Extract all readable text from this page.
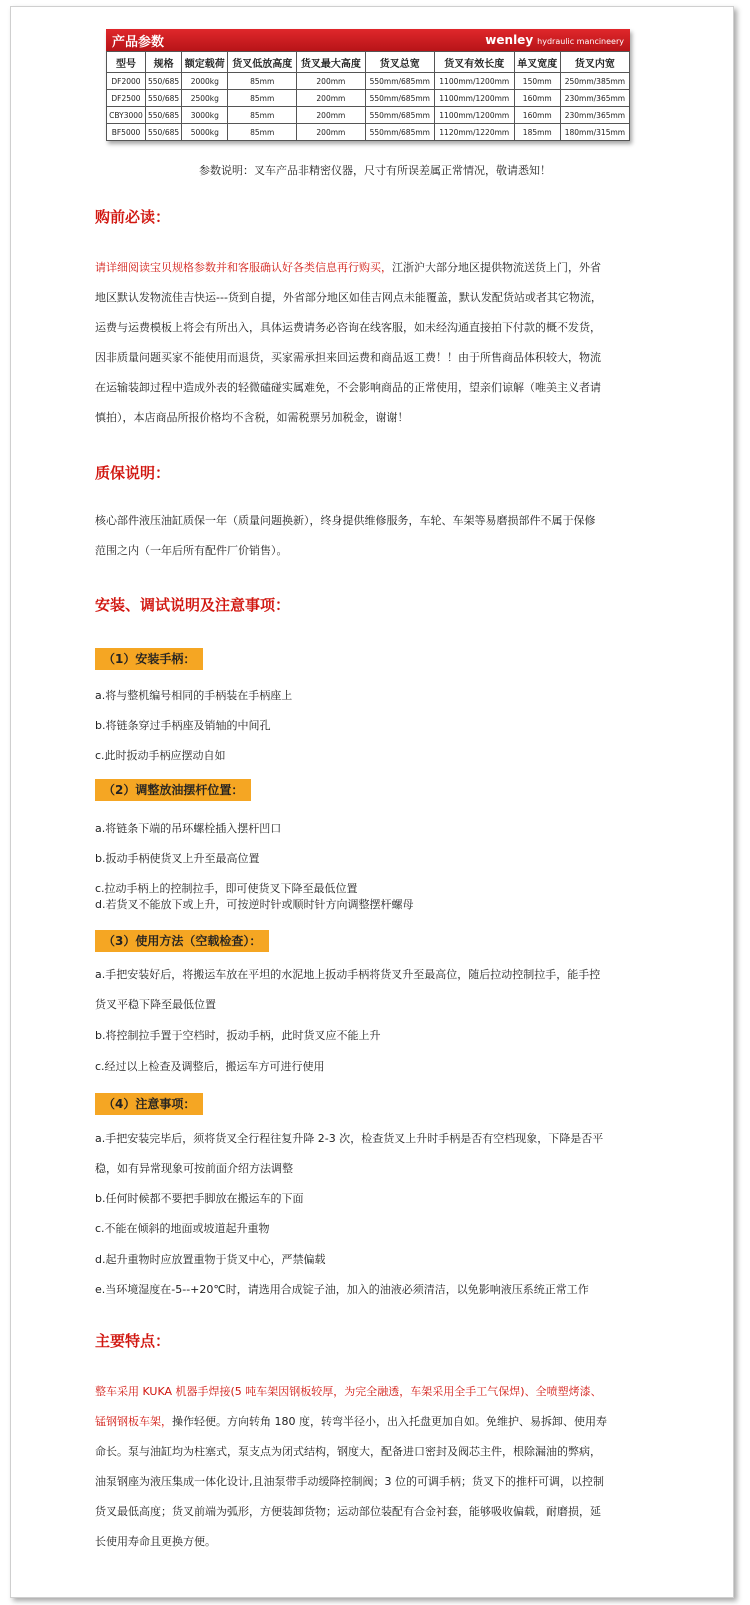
产品参数	wenley hydraulic mancineery
型号	规格	额定载荷	货叉低放高度	货叉最大高度	货叉总宽	货叉有效长度	单叉宽度	货叉内宽
DF2000	550/685	2000kg	85mm	200mm	550mm/685mm	1100mm/1200mm	150mm	250mm/385mm
DF2500	550/685	2500kg	85mm	200mm	550mm/685mm	1100mm/1200mm	160mm	230mm/365mm
CBY3000	550/685	3000kg	85mm	200mm	550mm/685mm	1100mm/1200mm	160mm	230mm/365mm
BF5000	550/685	5000kg	85mm	200mm	550mm/685mm	1120mm/1220mm	185mm	180mm/315mm
参数说明：叉车产品非精密仪器，尺寸有所误差属正常情况，敬请悉知！
购前必读：
请详细阅读宝贝规格参数并和客服确认好各类信息再行购买，江浙沪大部分地区提供物流送货上门，外省
地区默认发物流佳吉快运---货到自提，外省部分地区如佳吉网点未能覆盖，默认发配货站或者其它物流，
运费与运费模板上将会有所出入，具体运费请务必咨询在线客服，如未经沟通直接拍下付款的概不发货，
因非质量问题买家不能使用而退货，买家需承担来回运费和商品返工费！！由于所售商品体积较大，物流
在运输装卸过程中造成外表的轻微磕碰实属难免，不会影响商品的正常使用，望亲们谅解（唯美主义者请
慎拍），本店商品所报价格均不含税，如需税票另加税金，谢谢！
质保说明：
核心部件液压油缸质保一年（质量问题换新），终身提供维修服务，车轮、车架等易磨损部件不属于保修
范围之内（一年后所有配件厂价销售）。
安装、调试说明及注意事项：
（1）安装手柄：
a.将与整机编号相同的手柄装在手柄座上
b.将链条穿过手柄座及销轴的中间孔
c.此时扳动手柄应摆动自如
（2）调整放油摆杆位置：
a.将链条下端的吊环螺栓插入摆杆凹口
b.扳动手柄使货叉上升至最高位置
c.拉动手柄上的控制拉手，即可使货叉下降至最低位置
d.若货叉不能放下或上升，可按逆时针或顺时针方向调整摆杆螺母
（3）使用方法（空载检查）：
a.手把安装好后，将搬运车放在平坦的水泥地上扳动手柄将货叉升至最高位，随后拉动控制拉手，能手控
货叉平稳下降至最低位置
b.将控制拉手置于空档时，扳动手柄，此时货叉应不能上升
c.经过以上检查及调整后，搬运车方可进行使用
（4）注意事项：
a.手把安装完毕后，须将货叉全行程往复升降 2-3 次，检查货叉上升时手柄是否有空档现象，下降是否平
稳，如有异常现象可按前面介绍方法调整
b.任何时候都不要把手脚放在搬运车的下面
c.不能在倾斜的地面或坡道起升重物
d.起升重物时应放置重物于货叉中心，严禁偏载
e.当环境湿度在-5--+20℃时，请选用合成锭子油，加入的油液必须清洁，以免影响液压系统正常工作
主要特点：
整车采用 KUKA 机器手焊接(5 吨车架因钢板较厚，为完全融透，车架采用全手工气保焊)、全喷塑烤漆、
锰钢钢板车架，操作轻便。方向转角 180 度，转弯半径小，出入托盘更加自如。免维护、易拆卸、使用寿
命长。泵与油缸均为柱塞式，泵支点为闭式结构，钢度大，配备进口密封及阀芯主件，根除漏油的弊病，
油泵钢座为液压集成一体化设计,且油泵带手动缓降控制阀；3 位的可调手柄；货叉下的推杆可调，以控制
货叉最低高度；货叉前端为弧形，方便装卸货物；运动部位装配有合金衬套，能够吸收偏载，耐磨损，延
长使用寿命且更换方便。
